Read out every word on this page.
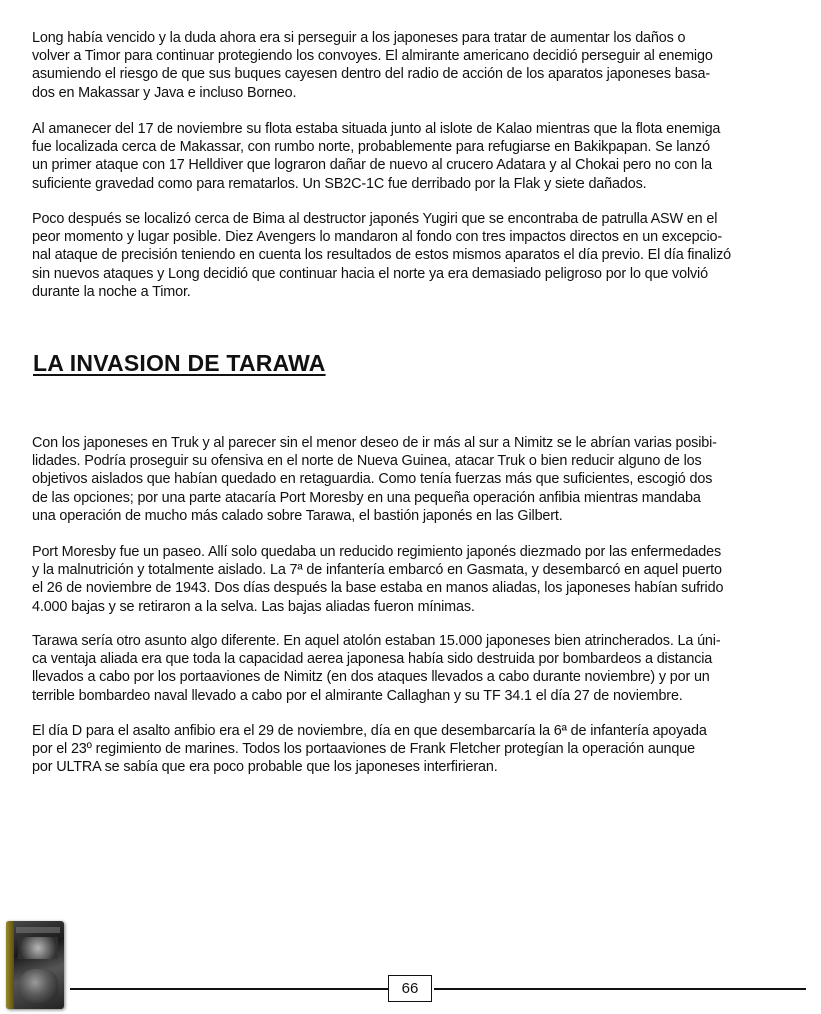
Long había vencido y la duda ahora era si perseguir a los japoneses para tratar de aumentar los daños o
volver a Timor para continuar protegiendo los convoyes. El almirante americano decidió perseguir al enemigo
asumiendo el riesgo de que sus buques cayesen dentro del radio de acción de los aparatos japoneses basa-
dos en Makassar y Java e incluso Borneo.

Al amanecer del 17 de noviembre su flota estaba situada junto al islote de Kalao mientras que la flota enemiga
fue localizada cerca de Makassar, con rumbo norte, probablemente para refugiarse en Bakikpapan. Se lanzó
un primer ataque con 17 Helldiver que lograron dañar de nuevo al crucero Adatara y al Chokai pero no con la
suficiente gravedad como para rematarlos. Un SB2C-1C fue derribado por la Flak y siete dañados.

Poco después se localizó cerca de Bima al destructor japonés Yugiri que se encontraba de patrulla ASW en el
peor momento y lugar posible. Diez Avengers lo mandaron al fondo con tres impactos directos en un excepcio-
nal ataque de precisión teniendo en cuenta los resultados de estos mismos aparatos el día previo. El día finalizó
sin nuevos ataques y Long decidió que continuar hacia el norte ya era demasiado peligroso por lo que volvió
durante la noche a Timor.

LA INVASION DE TARAWA

Con los japoneses en Truk y al parecer sin el menor deseo de ir más al sur a Nimitz se le abrían varias posibi-
lidades. Podría proseguir su ofensiva en el norte de Nueva Guinea, atacar Truk o bien reducir alguno de los
objetivos aislados que habían quedado en retaguardia. Como tenía fuerzas más que suficientes, escogió dos
de las opciones; por una parte atacaría Port Moresby en una pequeña operación anfibia mientras mandaba
una operación de mucho más calado sobre Tarawa, el bastión japonés en las Gilbert.

Port Moresby fue un paseo. Allí solo quedaba un reducido regimiento japonés diezmado por las enfermedades
y la malnutrición y totalmente aislado. La 7ª de infantería embarcó en Gasmata, y desembarcó en aquel puerto
el 26 de noviembre de 1943. Dos días después la base estaba en manos aliadas, los japoneses habían sufrido
4.000 bajas y se retiraron a la selva. Las bajas aliadas fueron mínimas.

Tarawa sería otro asunto algo diferente. En aquel atolón estaban 15.000 japoneses bien atrincherados. La úni-
ca ventaja aliada era que toda la capacidad aerea japonesa había sido destruida por bombardeos a distancia
llevados a cabo por los portaaviones de Nimitz (en dos ataques llevados a cabo durante noviembre) y por un
terrible bombardeo naval llevado a cabo por el almirante Callaghan y su TF 34.1 el día 27 de noviembre.

El día D para el asalto anfibio era el 29 de noviembre, día en que desembarcaría la 6ª de infantería apoyada
por el 23º regimiento de marines. Todos los portaaviones de Frank Fletcher protegían la operación aunque
por ULTRA se sabía que era poco probable que los japoneses interfirieran.

66
